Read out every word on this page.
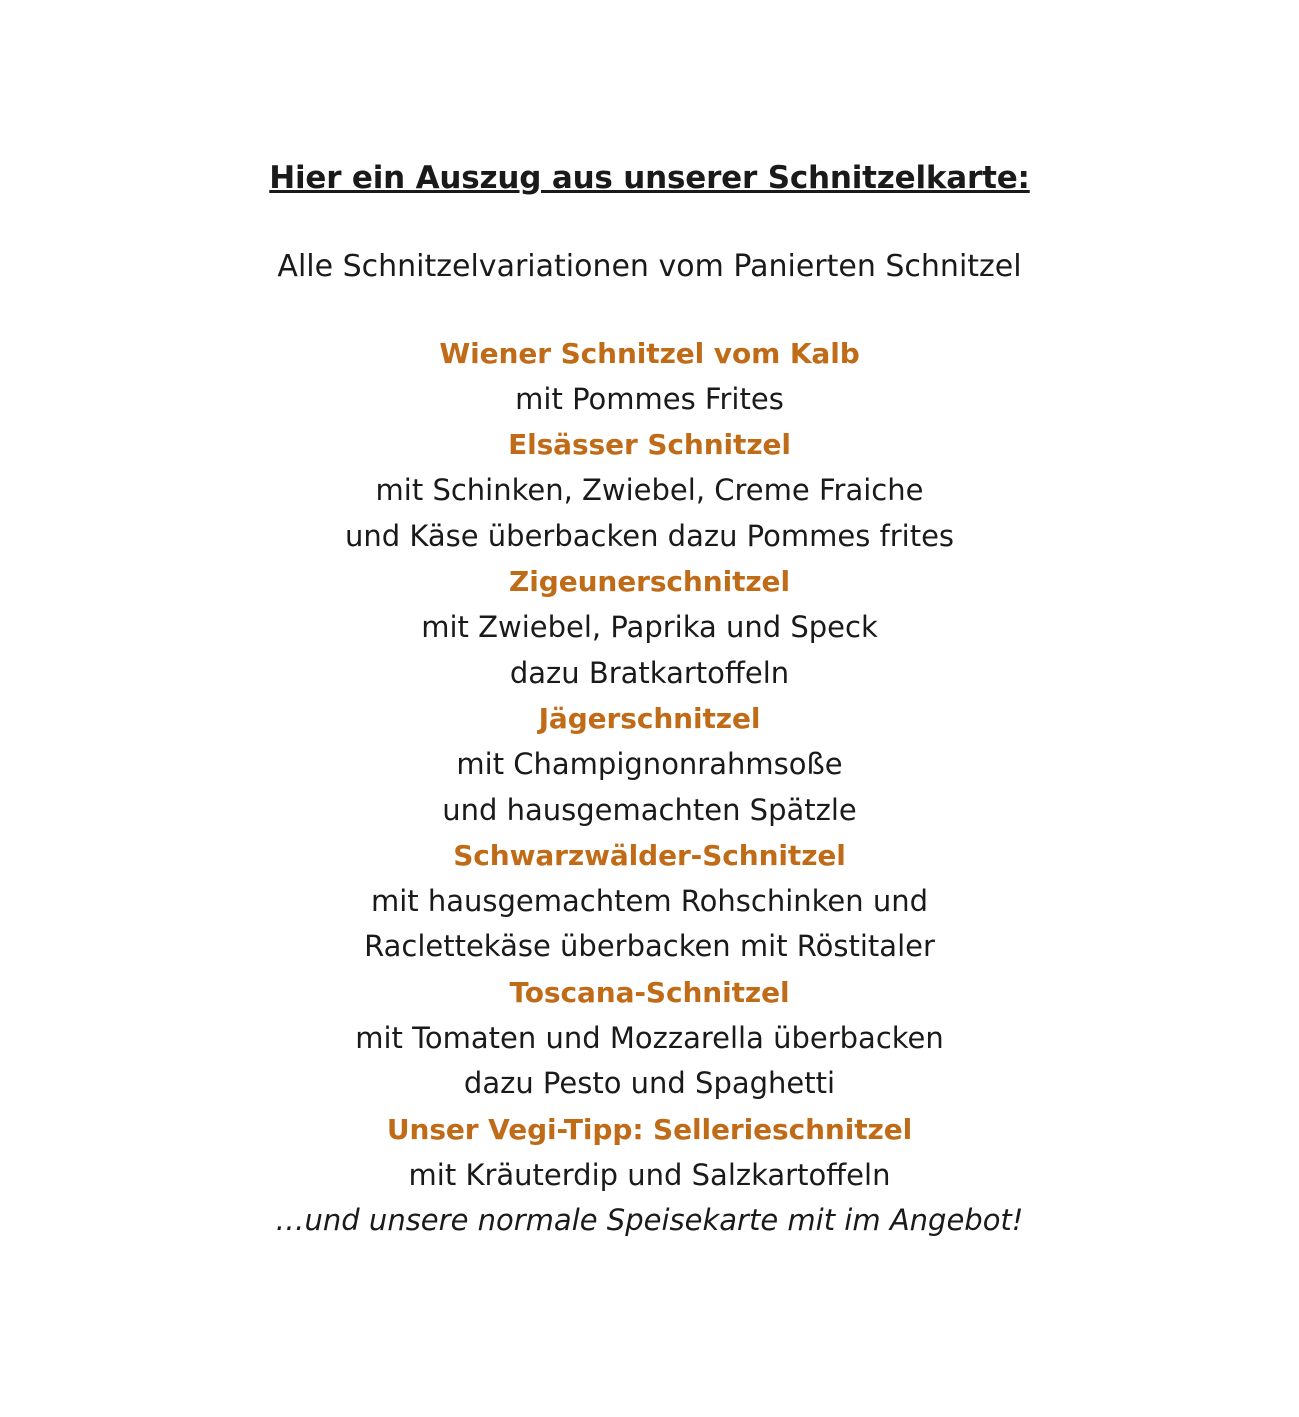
Hier ein Auszug aus unserer Schnitzelkarte:

Alle Schnitzelvariationen vom Panierten Schnitzel

Wiener Schnitzel vom Kalb

mit Pommes Frites

Elsässer Schnitzel

mit Schinken, Zwiebel, Creme Fraiche

und Käse überbacken dazu Pommes frites

Zigeunerschnitzel

mit Zwiebel, Paprika und Speck

dazu Bratkartoffeln

Jägerschnitzel

mit Champignonrahmsoße

und hausgemachten Spätzle

Schwarzwälder-Schnitzel

mit hausgemachtem Rohschinken und

Raclettekäse überbacken mit Röstitaler

Toscana-Schnitzel

mit Tomaten und Mozzarella überbacken

dazu Pesto und Spaghetti

Unser Vegi-Tipp: Sellerieschnitzel

mit Kräuterdip und Salzkartoffeln

…und unsere normale Speisekarte mit im Angebot!
